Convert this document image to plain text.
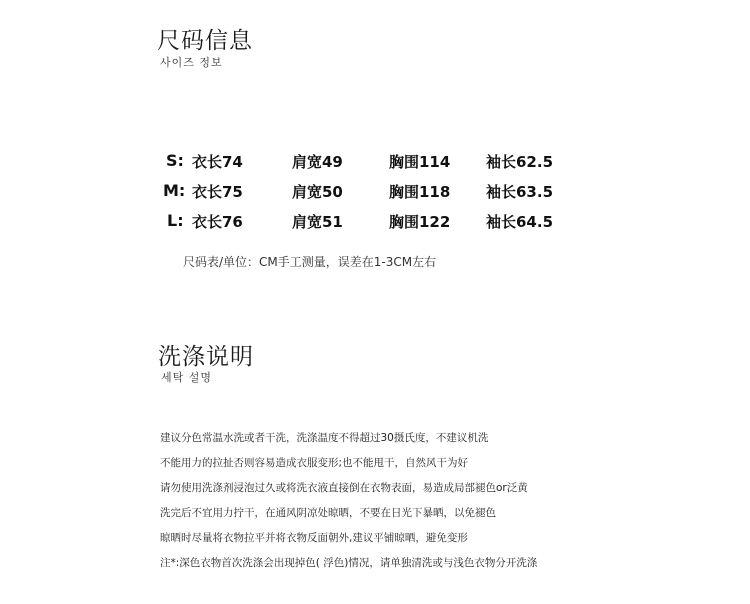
尺码信息
사이즈 정보
S: 衣长74	肩宽49	胸围114 袖长62.5
M: 衣长75	肩宽50	胸围118 袖长63.5
L: 衣长76	肩宽51	胸围122 袖长64.5
尺码表/单位：CM手工测量，误差在1-3CM左右
洗涤说明
세탁 설명
建议分色常温水洗或者干洗，洗涤温度不得超过30摄氏度，不建议机洗
不能用力的拉扯否则容易造成衣服变形;也不能甩干，自然风干为好
请勿使用洗涤剂浸泡过久或将洗衣液直接倒在衣物表面，易造成局部褪色or泛黄
洗完后不宜用力拧干，在通风阴凉处晾晒，不要在日光下暴晒，以免褪色
晾晒时尽量将衣物拉平并将衣物反面朝外,建议平铺晾晒，避免变形
注*:深色衣物首次洗涤会出现掉色( 浮色)情况，请单独清洗或与浅色衣物分开洗涤
